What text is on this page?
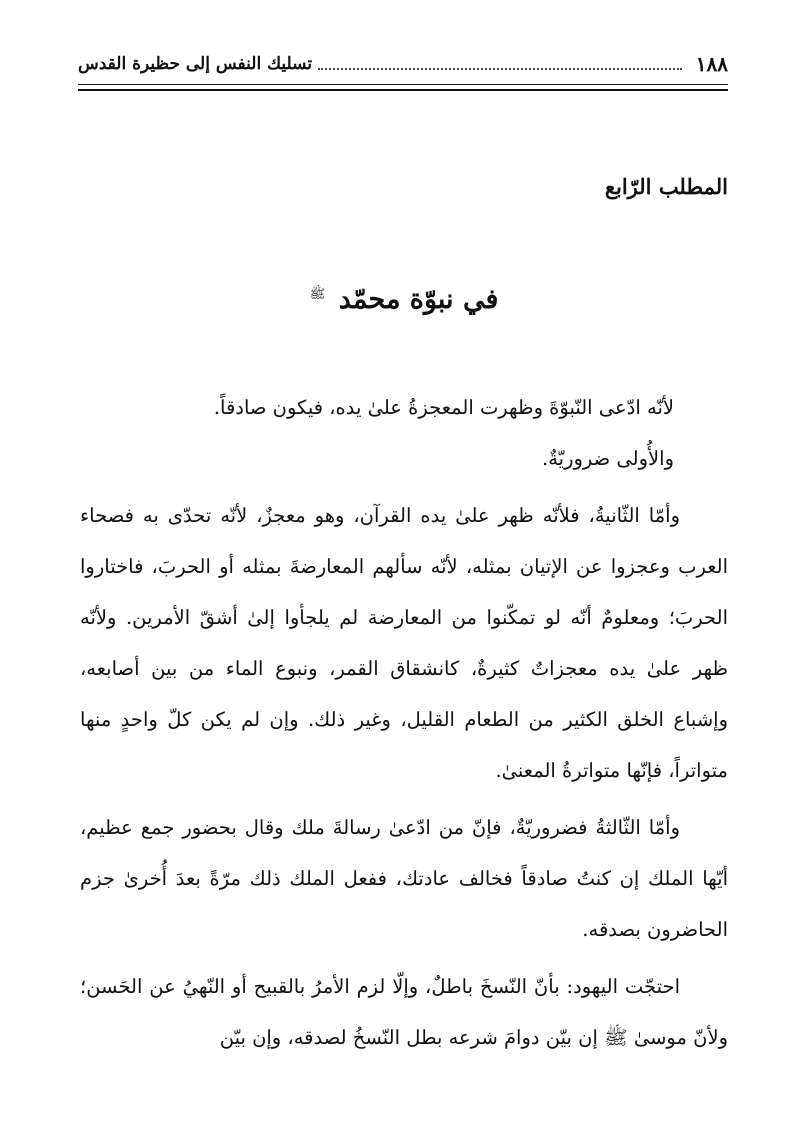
١٨٨
تسليك النفس إلى حظيرة القدس
المطلب الرّابع
في نبوّة محمّد $^ﷺ$

لأنّه ادّعى النّبوّةَ وظهرت المعجزةُ علىٰ يده، فيكون صادقاً.

والأُولى ضروريّةٌ.

وأمّا الثّانيةُ، فلأنّه ظهر علىٰ يده القرآن، وهو معجزٌ، لأنّه تحدّى به فصحاء العرب وعجزوا عن الإتيان بمثله، لأنّه سألهم المعارضةَ بمثله أو الحربَ، فاختاروا الحربَ؛ ومعلومٌ أنّه لو تمكّنوا من المعارضة لم يلجأوا إلىٰ أشقّ الأمرين. ولأنّه ظهر علىٰ يده معجزاتٌ كثيرةٌ، كانشقاق القمر، ونبوع الماء من بين أصابعه، وإشباع الخلق الكثير من الطعام القليل، وغير ذلك. وإن لم يكن كلّ واحدٍ منها متواتراً، فإنّها متواترةُ المعنىٰ.

وأمّا الثّالثةُ فضروريّةٌ، فإنّ من ادّعىٰ رسالةَ ملك وقال بحضور جمع عظيم، أيّها الملك إن كنتُ صادقاً فخالف عادتك، ففعل الملك ذلك مرّةً بعدَ أُخرىٰ جزم الحاضرون بصدقه.

احتجّت اليهود: بأنّ النّسخَ باطلٌ، وإلّا لزم الأمرُ بالقبيح أو النّهيُ عن الحَسن؛ ولأنّ موسىٰ ﷺ إن بيّن دوامَ شرعه بطل النّسخُ لصدقه، وإن بيّن
